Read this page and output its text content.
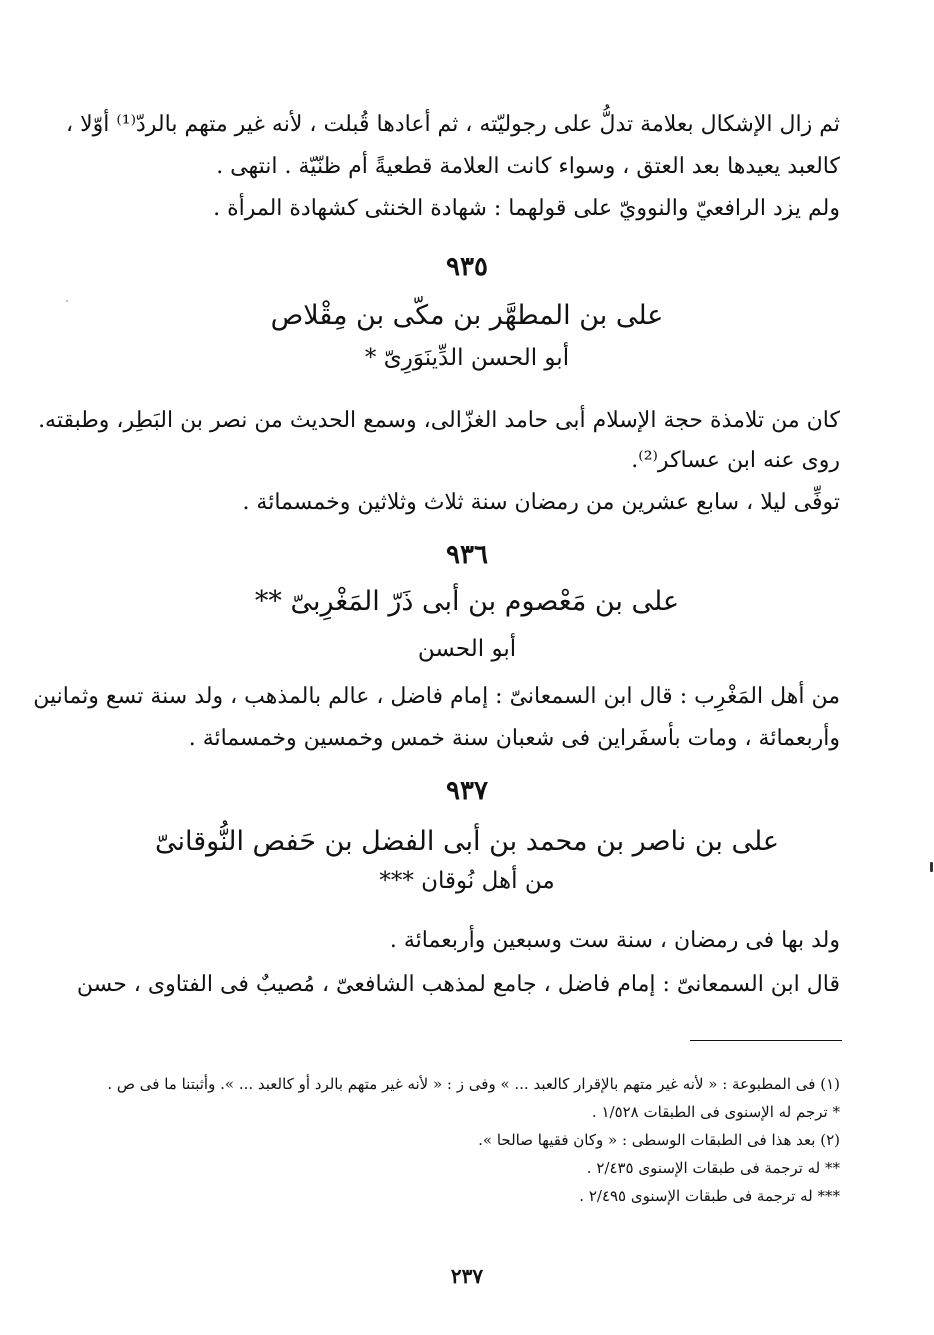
ثم زال الإشكال بعلامة تدلُّ على رجوليّته ، ثم أعادها قُبلت ، لأنه غير متهم بالردّ⁽¹⁾ أوّلا ،
كالعبد يعيدها بعد العتق ، وسواء كانت العلامة قطعيةً أم ظنّيّة . انتهى .
ولم يزد الرافعيّ والنوويّ على قولهما : شهادة الخنثى كشهادة المرأة .
٩٣٥
على بن المطهَّر بن مكّى بن مِقْلاص
أبو الحسن الدِّينَوَرِىّ *
كان من تلامذة حجة الإسلام أبى حامد الغزّالى، وسمع الحديث من نصر بن البَطِر، وطبقته.
روى عنه ابن عساكر⁽²⁾.
توفِّى ليلا ، سابع عشرين من رمضان سنة ثلاث وثلاثين وخمسمائة .
٩٣٦
على بن مَعْصوم بن أبى ذَرّ المَغْرِبىّ **
أبو الحسن
من أهل المَغْرِب : قال ابن السمعانىّ : إمام فاضل ، عالم بالمذهب ، ولد سنة تسع وثمانين
وأربعمائة ، ومات بأسفَراين فى شعبان سنة خمس وخمسين وخمسمائة .
٩٣٧
على بن ناصر بن محمد بن أبى الفضل بن حَفص النُّوقانىّ
من أهل نُوقان ***
ولد بها فى رمضان ، سنة ست وسبعين وأربعمائة .
قال ابن السمعانىّ : إمام فاضل ، جامع لمذهب الشافعىّ ، مُصيبٌ فى الفتاوى ، حسن
(١) فى المطبوعة : « لأنه غير متهم بالإقرار كالعبد ... » وفى ز : « لأنه غير متهم بالرد أو كالعبد ... ». وأثبتنا ما فى ص .
* ترجم له الإسنوى فى الطبقات ١/٥٢٨ .
(٢) بعد هذا فى الطبقات الوسطى : « وكان فقيها صالحا ».
** له ترجمة فى طبقات الإسنوى ٢/٤٣٥ .
*** له ترجمة فى طبقات الإسنوى ٢/٤٩٥ .
٢٣٧
